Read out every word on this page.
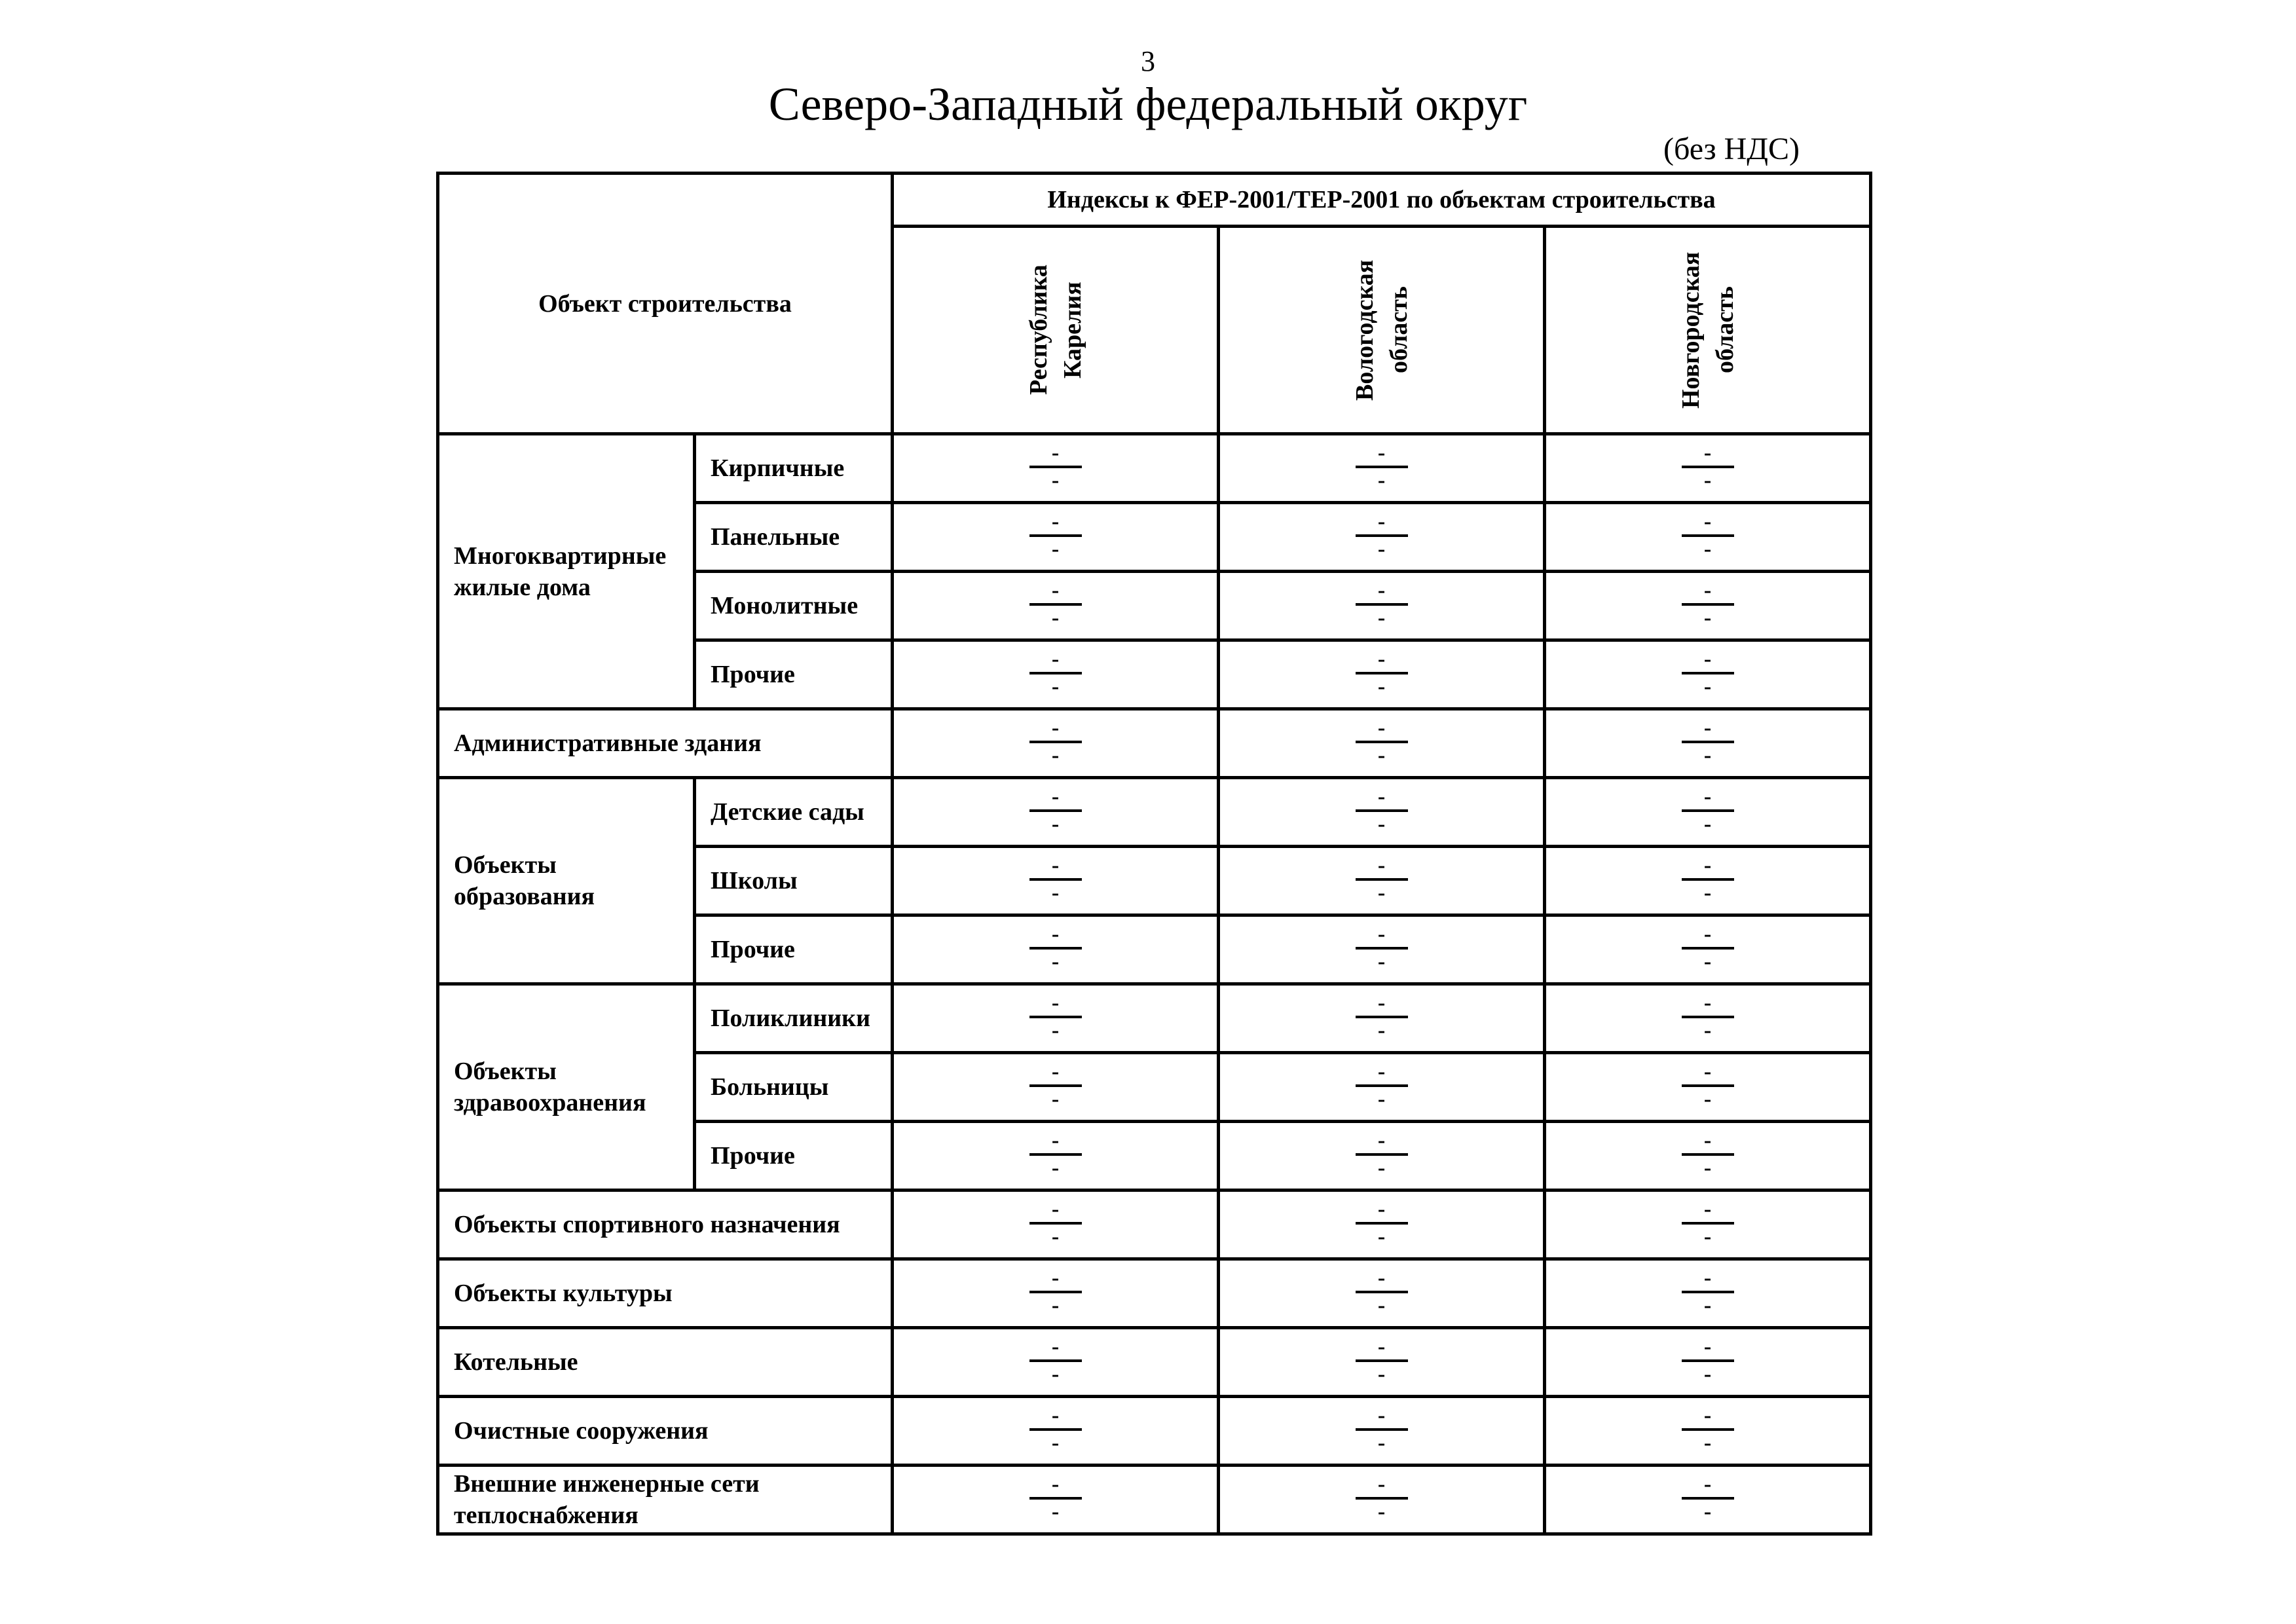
3
Северо-Западный федеральный округ
(без НДС)
Объект строительства		Индексы к ФЕР-2001/ТЕР-2001 по объектам строительства		

		Республика Карелия	Вологодская область	Новгородская область

Многоквартирные жилые дома	Кирпичные	$\frac{-}{-}$	$\frac{-}{-}$	$\frac{-}{-}$

	Панельные	$\frac{-}{-}$	$\frac{-}{-}$	$\frac{-}{-}$

	Монолитные	$\frac{-}{-}$	$\frac{-}{-}$	$\frac{-}{-}$

	Прочие	$\frac{-}{-}$	$\frac{-}{-}$	$\frac{-}{-}$

Административные здания		$\frac{-}{-}$	$\frac{-}{-}$	$\frac{-}{-}$

Объекты образования	Детские сады	$\frac{-}{-}$	$\frac{-}{-}$	$\frac{-}{-}$

	Школы	$\frac{-}{-}$	$\frac{-}{-}$	$\frac{-}{-}$

	Прочие	$\frac{-}{-}$	$\frac{-}{-}$	$\frac{-}{-}$

Объекты здравоохранения	Поликлиники	$\frac{-}{-}$	$\frac{-}{-}$	$\frac{-}{-}$

	Больницы	$\frac{-}{-}$	$\frac{-}{-}$	$\frac{-}{-}$

	Прочие	$\frac{-}{-}$	$\frac{-}{-}$	$\frac{-}{-}$

Объекты спортивного назначения		$\frac{-}{-}$	$\frac{-}{-}$	$\frac{-}{-}$

Объекты культуры		$\frac{-}{-}$	$\frac{-}{-}$	$\frac{-}{-}$

Котельные		$\frac{-}{-}$	$\frac{-}{-}$	$\frac{-}{-}$

Очистные сооружения		$\frac{-}{-}$	$\frac{-}{-}$	$\frac{-}{-}$

Внешние инженерные сети теплоснабжения		$\frac{-}{-}$	$\frac{-}{-}$	$\frac{-}{-}$
